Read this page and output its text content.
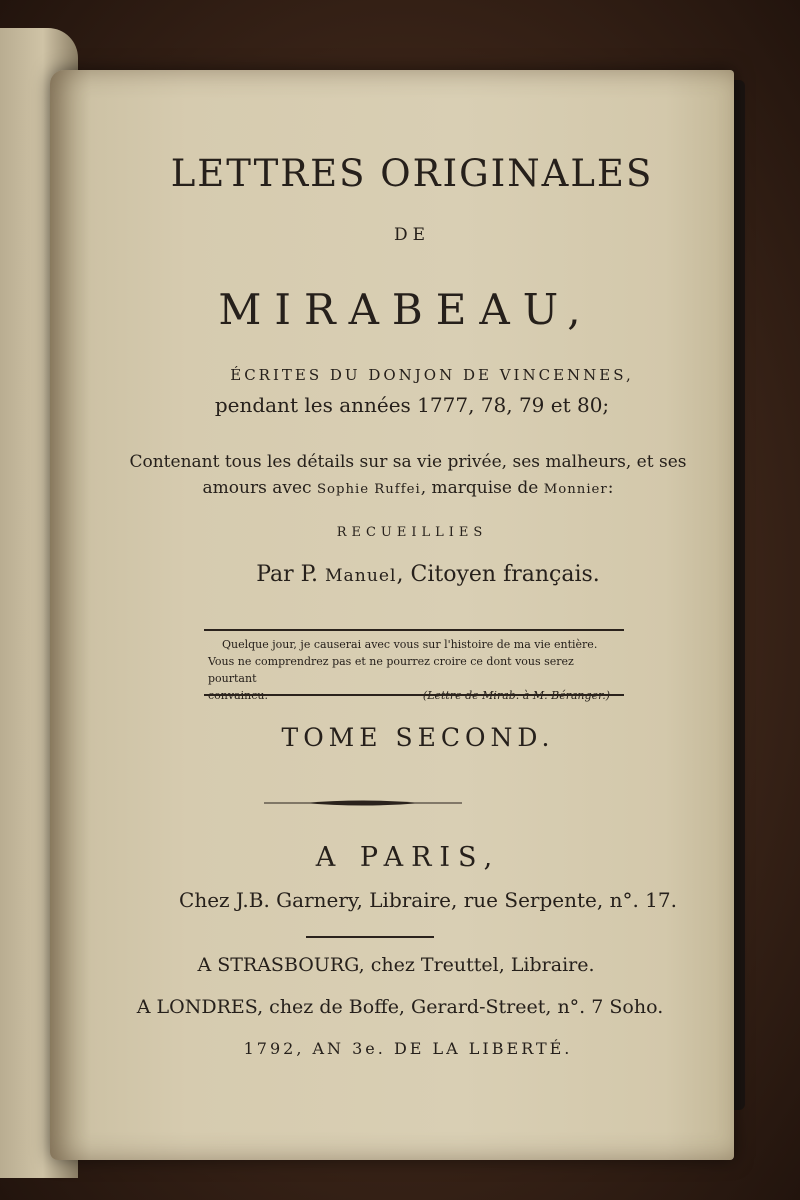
LETTRES ORIGINALES
DE
MIRABEAU,
ÉCRITES DU DONJON DE VINCENNES,
pendant les années 1777, 78, 79 et 80;
Contenant tous les détails sur sa vie privée, ses malheurs, et ses
amours avec Sophie Ruffei, marquise de Monnier:
RECUEILLIES
Par P. Manuel, Citoyen français.
Quelque jour, je causerai avec vous sur l'histoire de ma vie entière.
Vous ne comprendrez pas et ne pourrez croire ce dont vous serez pourtant
TOME SECOND.
A PARIS,
Chez J.B. Garnery, Libraire, rue Serpente, n°. 17.
A STRASBOURG, chez Treuttel, Libraire.
A LONDRES, chez de Boffe, Gerard-Street, n°. 7 Soho.
1792, AN 3e. DE LA LIBERTÉ.
